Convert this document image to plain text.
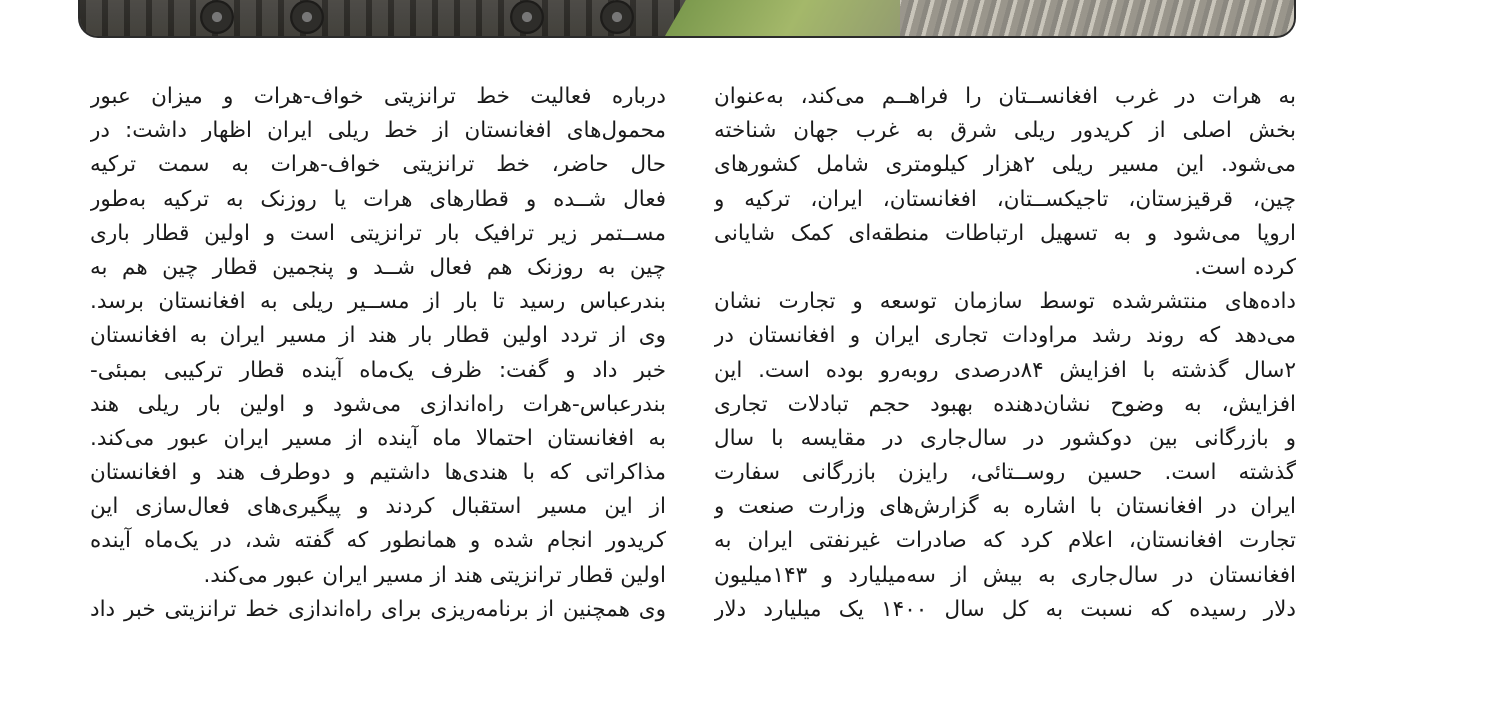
به هرات در غرب افغانســتان را فراهــم می‌کند، به‌عنوان
بخش اصلی از کریدور ریلی شرق به غرب جهان شناخته
می‌شود. این مسیر ریلی ۲هزار کیلومتری شامل کشورهای
چین، قرقیزستان، تاجیکســتان، افغانستان، ایران، ترکیه و
اروپا می‌شود و به تسهیل ارتباطات منطقه‌ای کمک شایانی
کرده است.
داده‌های منتشرشده توسط سازمان توسعه و تجارت نشان
می‌دهد که روند رشد مراودات تجاری ایران و افغانستان در
۲سال گذشته با افزایش ۸۴درصدی روبه‌رو بوده است. این
افزایش، به وضوح نشان‌دهنده بهبود حجم تبادلات تجاری
و بازرگانی بین دوکشور در سال‌جاری در مقایسه با سال
گذشته است. حسین روســتائی، رایزن بازرگانی سفارت
ایران در افغانستان با اشاره به گزارش‌های وزارت صنعت و
تجارت افغانستان، اعلام کرد که صادرات غیرنفتی ایران به
افغانستان در سال‌جاری به بیش از سه‌میلیارد و ۱۴۳میلیون
دلار رسیده که نسبت به کل سال ۱۴۰۰ یک میلیارد دلار
درباره فعالیت خط ترانزیتی خواف-هرات و میزان عبور
محمول‌های افغانستان از خط ریلی ایران اظهار داشت: در
حال حاضر، خط ترانزیتی خواف-هرات به سمت ترکیه
فعال شــده و قطارهای هرات یا روزنک به ترکیه به‌طور
مســتمر زیر ترافیک بار ترانزیتی است و اولین قطار باری
چین به روزنک هم فعال شــد و پنجمین قطار چین هم به
بندرعباس رسید تا بار از مســیر ریلی به افغانستان برسد.
وی از تردد اولین قطار بار هند از مسیر ایران به افغانستان
خبر داد و گفت: ظرف یک‌ماه آینده قطار ترکیبی بمبئی-
بندرعباس-هرات راه‌اندازی می‌شود و اولین بار ریلی هند
به افغانستان احتمالا ماه آینده از مسیر ایران عبور می‌کند.
مذاکراتی که با هندی‌ها داشتیم و دوطرف هند و افغانستان
از این مسیر استقبال کردند و پیگیری‌های فعال‌سازی این
کریدور انجام شده و همانطور که گفته شد، در یک‌ماه آینده
اولین قطار ترانزیتی هند از مسیر ایران عبور می‌کند.
وی همچنین از برنامه‌ریزی برای راه‌اندازی خط ترانزیتی خبر داد
